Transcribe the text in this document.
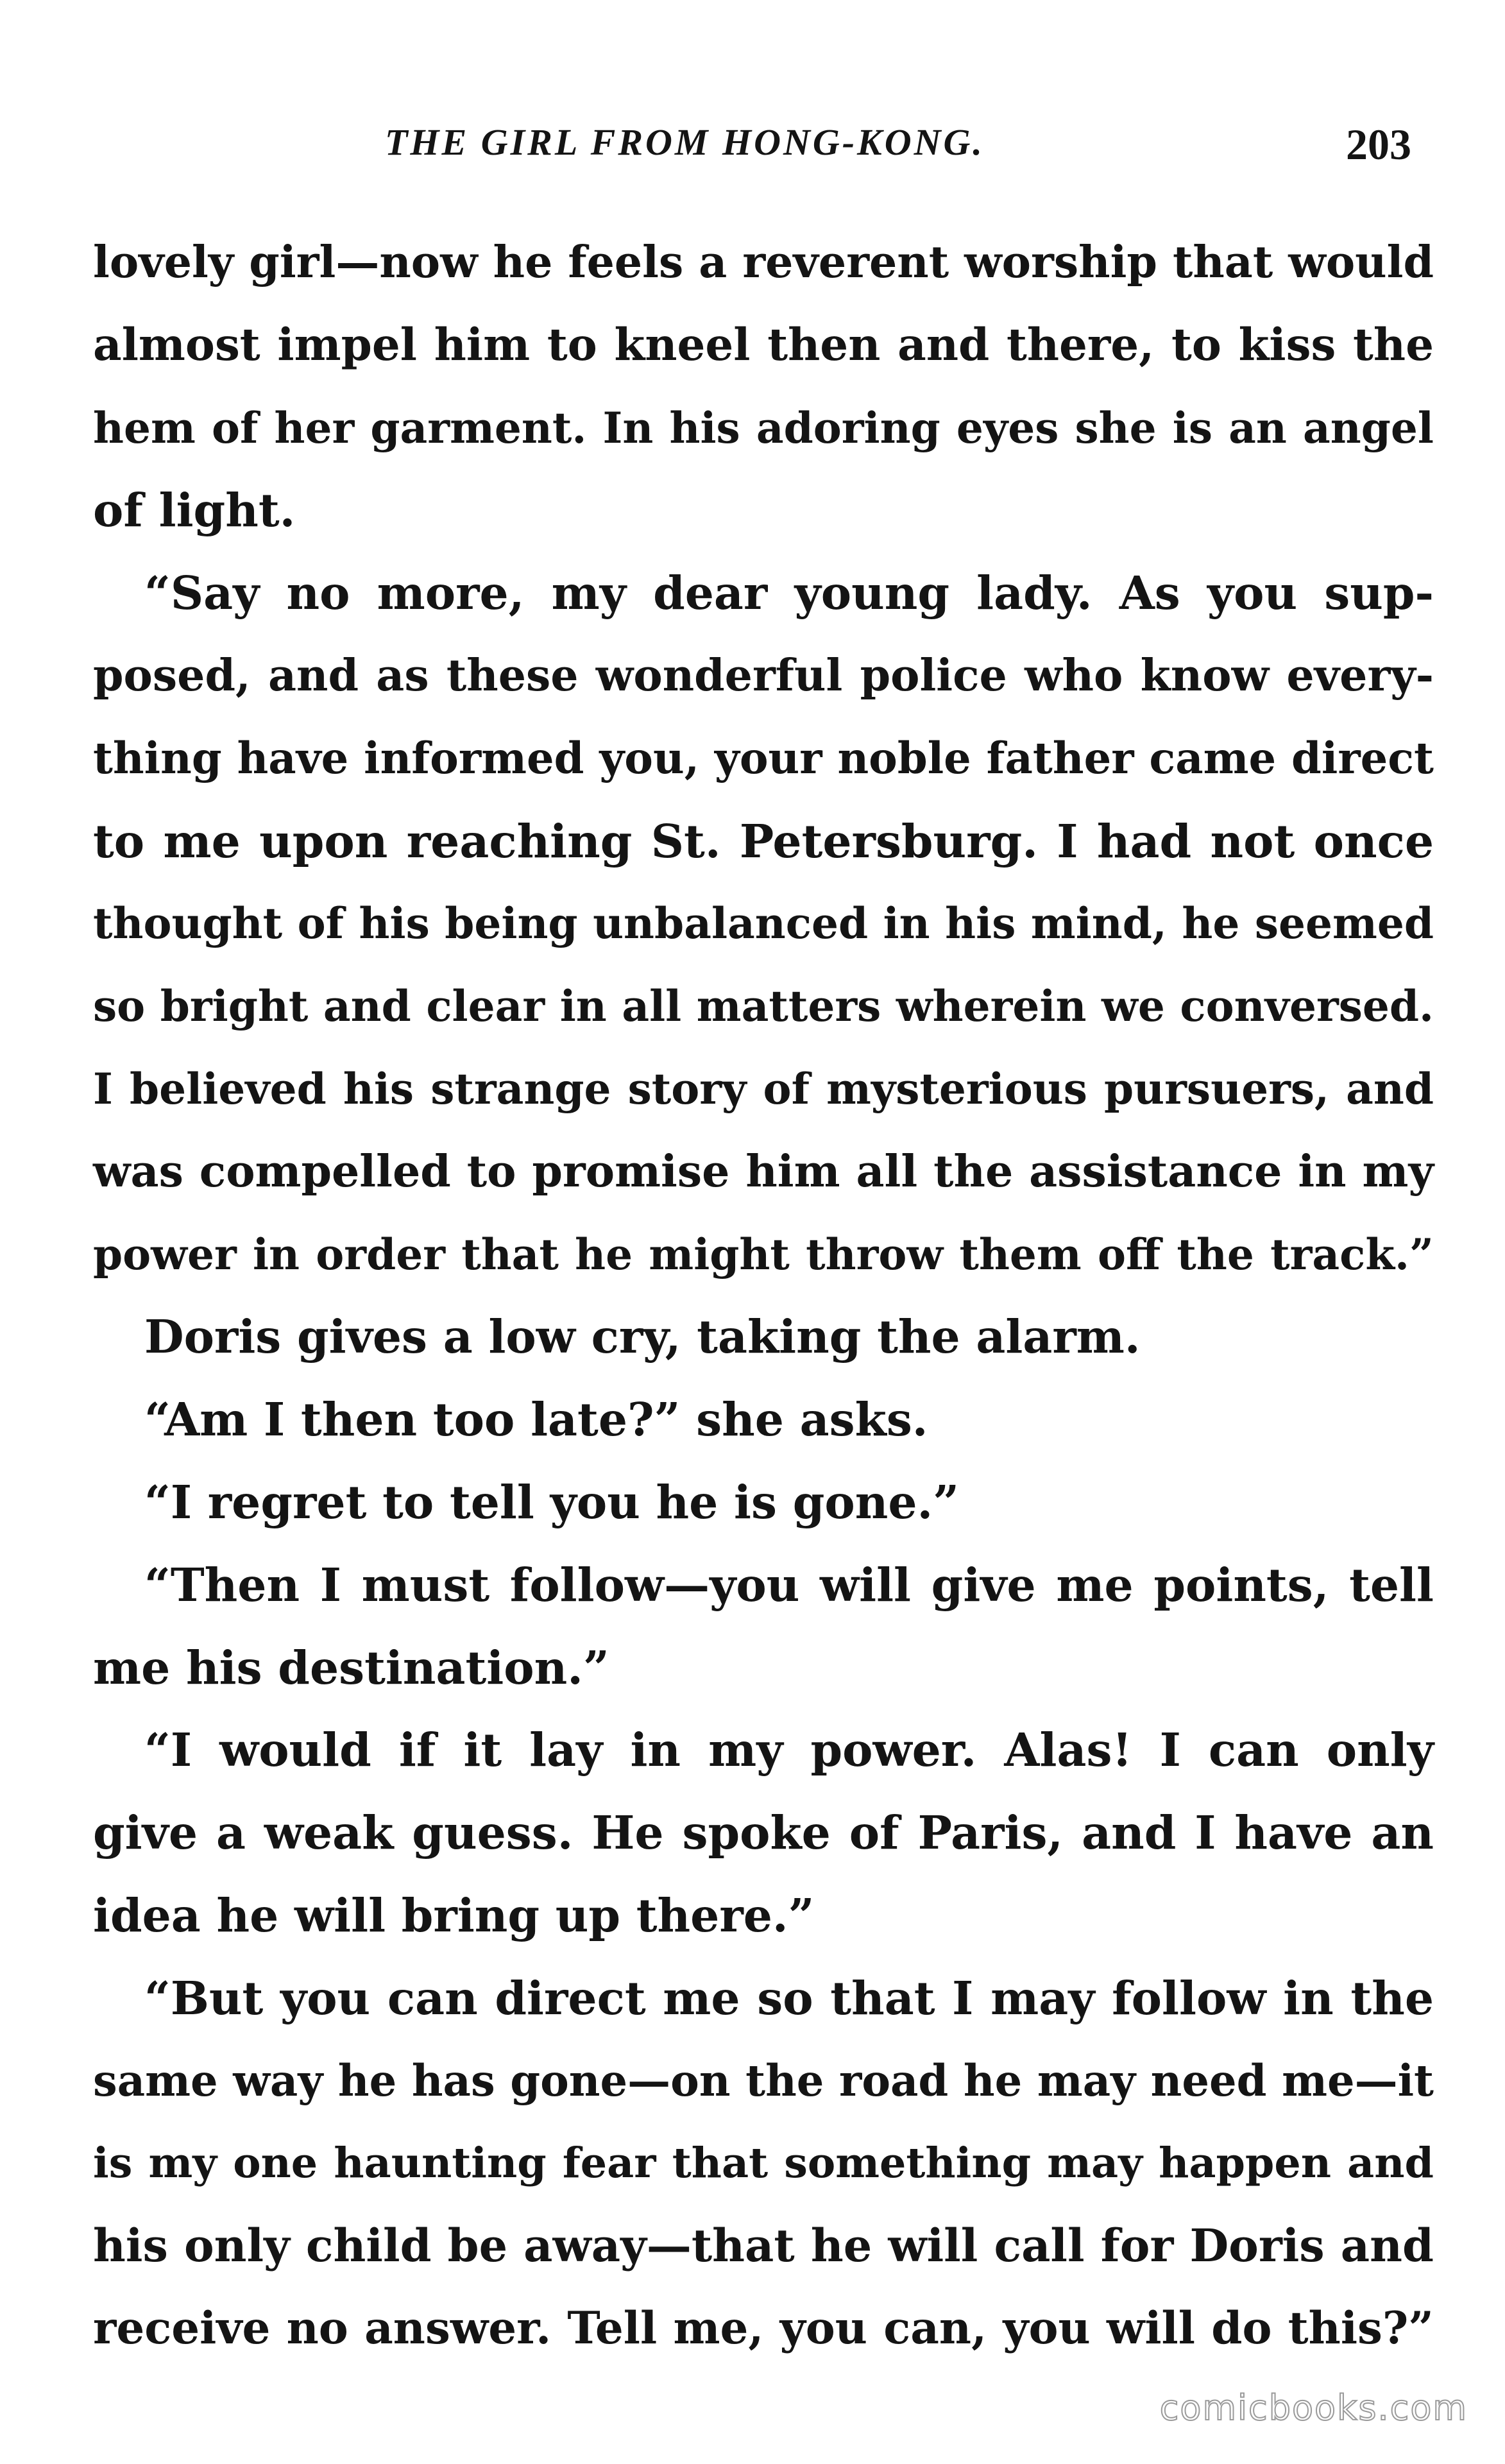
THE GIRL FROM HONG-KONG.	203
lovely girl—now he feels a reverent worship that would
almost impel him to kneel then and there, to kiss the
hem of her garment. In his adoring eyes she is an angel
of light.
“Say no more, my dear young lady. As you sup-
posed, and as these wonderful police who know every-
thing have informed you, your noble father came direct
to me upon reaching St. Petersburg. I had not once
thought of his being unbalanced in his mind, he seemed
so bright and clear in all matters wherein we conversed.
I believed his strange story of mysterious pursuers, and
was compelled to promise him all the assistance in my
power in order that he might throw them off the track.”
Doris gives a low cry, taking the alarm.
“Am I then too late?” she asks.
“I regret to tell you he is gone.”
“Then I must follow—you will give me points, tell
me his destination.”
“I would if it lay in my power. Alas! I can only
give a weak guess. He spoke of Paris, and I have an
idea he will bring up there.”
“But you can direct me so that I may follow in the
same way he has gone—on the road he may need me—it
is my one haunting fear that something may happen and
his only child be away—that he will call for Doris and
receive no answer. Tell me, you can, you will do this?”
comicbooks.com
